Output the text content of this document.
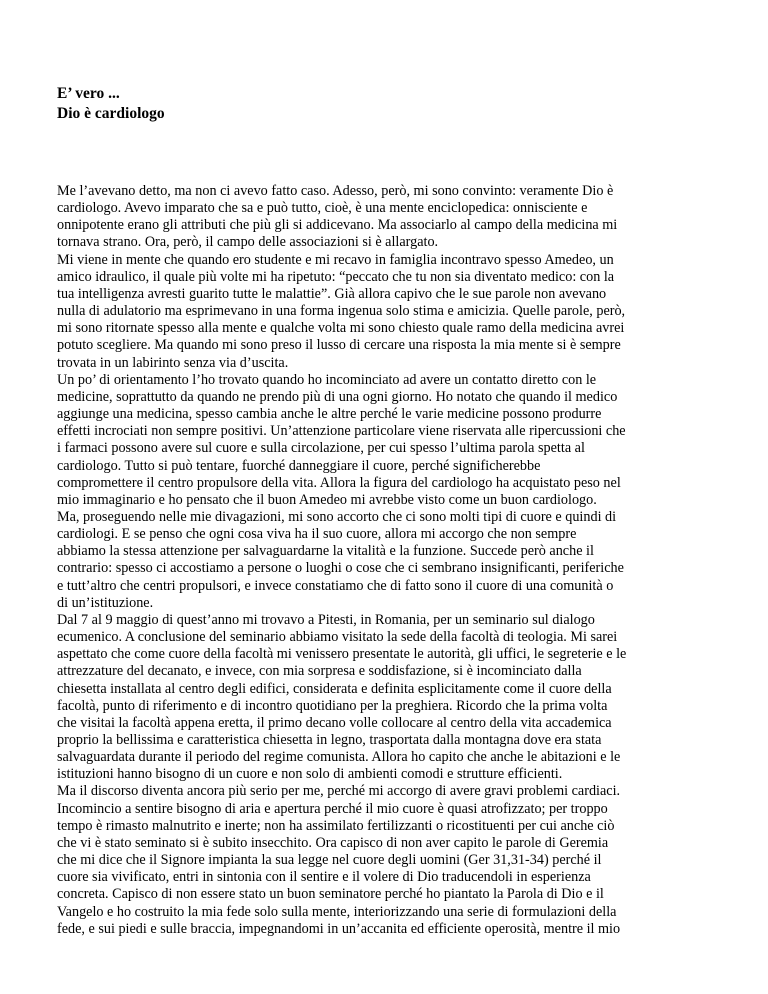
E’ vero ...
Dio è cardiologo
Me l’avevano detto, ma non ci avevo fatto caso. Adesso, però, mi sono convinto: veramente Dio è
cardiologo. Avevo imparato che sa e può tutto, cioè, è una mente enciclopedica: onnisciente e
onnipotente erano gli attributi che più gli si addicevano. Ma associarlo al campo della medicina mi
tornava strano. Ora, però, il campo delle associazioni si è allargato.
Mi viene in mente che quando ero studente e mi recavo in famiglia incontravo spesso Amedeo, un
amico idraulico, il quale più volte mi ha ripetuto: “peccato che tu non sia diventato medico: con la
tua intelligenza avresti guarito tutte le malattie”. Già allora capivo che le sue parole non avevano
nulla di adulatorio ma esprimevano in una forma ingenua solo stima e amicizia. Quelle parole, però,
mi sono ritornate spesso alla mente e qualche volta mi sono chiesto quale ramo della medicina avrei
potuto scegliere. Ma quando mi sono preso il lusso di cercare una risposta la mia mente si è sempre
trovata in un labirinto senza via d’uscita.
Un po’ di orientamento l’ho trovato quando ho incominciato ad avere un contatto diretto con le
medicine, soprattutto da quando ne prendo più di una ogni giorno. Ho notato che quando il medico
aggiunge una medicina, spesso cambia anche le altre perché le varie medicine possono produrre
effetti incrociati non sempre positivi. Un’attenzione particolare viene riservata alle ripercussioni che
i farmaci possono avere sul cuore e sulla circolazione, per cui spesso l’ultima parola spetta al
cardiologo. Tutto si può tentare, fuorché danneggiare il cuore, perché significherebbe
compromettere il centro propulsore della vita. Allora la figura del cardiologo ha acquistato peso nel
mio immaginario e ho pensato che il buon Amedeo mi avrebbe visto come un buon cardiologo.
Ma, proseguendo nelle mie divagazioni, mi sono accorto che ci sono molti tipi di cuore e quindi di
cardiologi. E se penso che ogni cosa viva ha il suo cuore, allora mi accorgo che non sempre
abbiamo la stessa attenzione per salvaguardarne la vitalità e la funzione. Succede però anche il
contrario: spesso ci accostiamo a persone o luoghi o cose che ci sembrano insignificanti, periferiche
e tutt’altro che centri propulsori, e invece constatiamo che di fatto sono il cuore di una comunità o
di un’istituzione.
Dal 7 al 9 maggio di quest’anno mi trovavo a Pitesti, in Romania, per un seminario sul dialogo
ecumenico. A conclusione del seminario abbiamo visitato la sede della facoltà di teologia. Mi sarei
aspettato che come cuore della facoltà mi venissero presentate le autorità, gli uffici, le segreterie e le
attrezzature del decanato, e invece, con mia sorpresa e soddisfazione, si è incominciato dalla
chiesetta installata al centro degli edifici, considerata e definita esplicitamente come il cuore della
facoltà, punto di riferimento e di incontro quotidiano per la preghiera. Ricordo che la prima volta
che visitai la facoltà appena eretta, il primo decano volle collocare al centro della vita accademica
proprio la bellissima e caratteristica chiesetta in legno, trasportata dalla montagna dove era stata
salvaguardata durante il periodo del regime comunista. Allora ho capito che anche le abitazioni e le
istituzioni hanno bisogno di un cuore e non solo di ambienti comodi e strutture efficienti.
Ma il discorso diventa ancora più serio per me, perché mi accorgo di avere gravi problemi cardiaci.
Incomincio a sentire bisogno di aria e apertura perché il mio cuore è quasi atrofizzato; per troppo
tempo è rimasto malnutrito e inerte; non ha assimilato fertilizzanti o ricostituenti per cui anche ciò
che vi è stato seminato si è subito insecchito. Ora capisco di non aver capito le parole di Geremia
che mi dice che il Signore impianta la sua legge nel cuore degli uomini (Ger 31,31-34) perché il
cuore sia vivificato, entri in sintonia con il sentire e il volere di Dio traducendoli in esperienza
concreta. Capisco di non essere stato un buon seminatore perché ho piantato la Parola di Dio e il
Vangelo e ho costruito la mia fede solo sulla mente, interiorizzando una serie di formulazioni della
fede, e sui piedi e sulle braccia, impegnandomi in un’accanita ed efficiente operosità, mentre il mio
